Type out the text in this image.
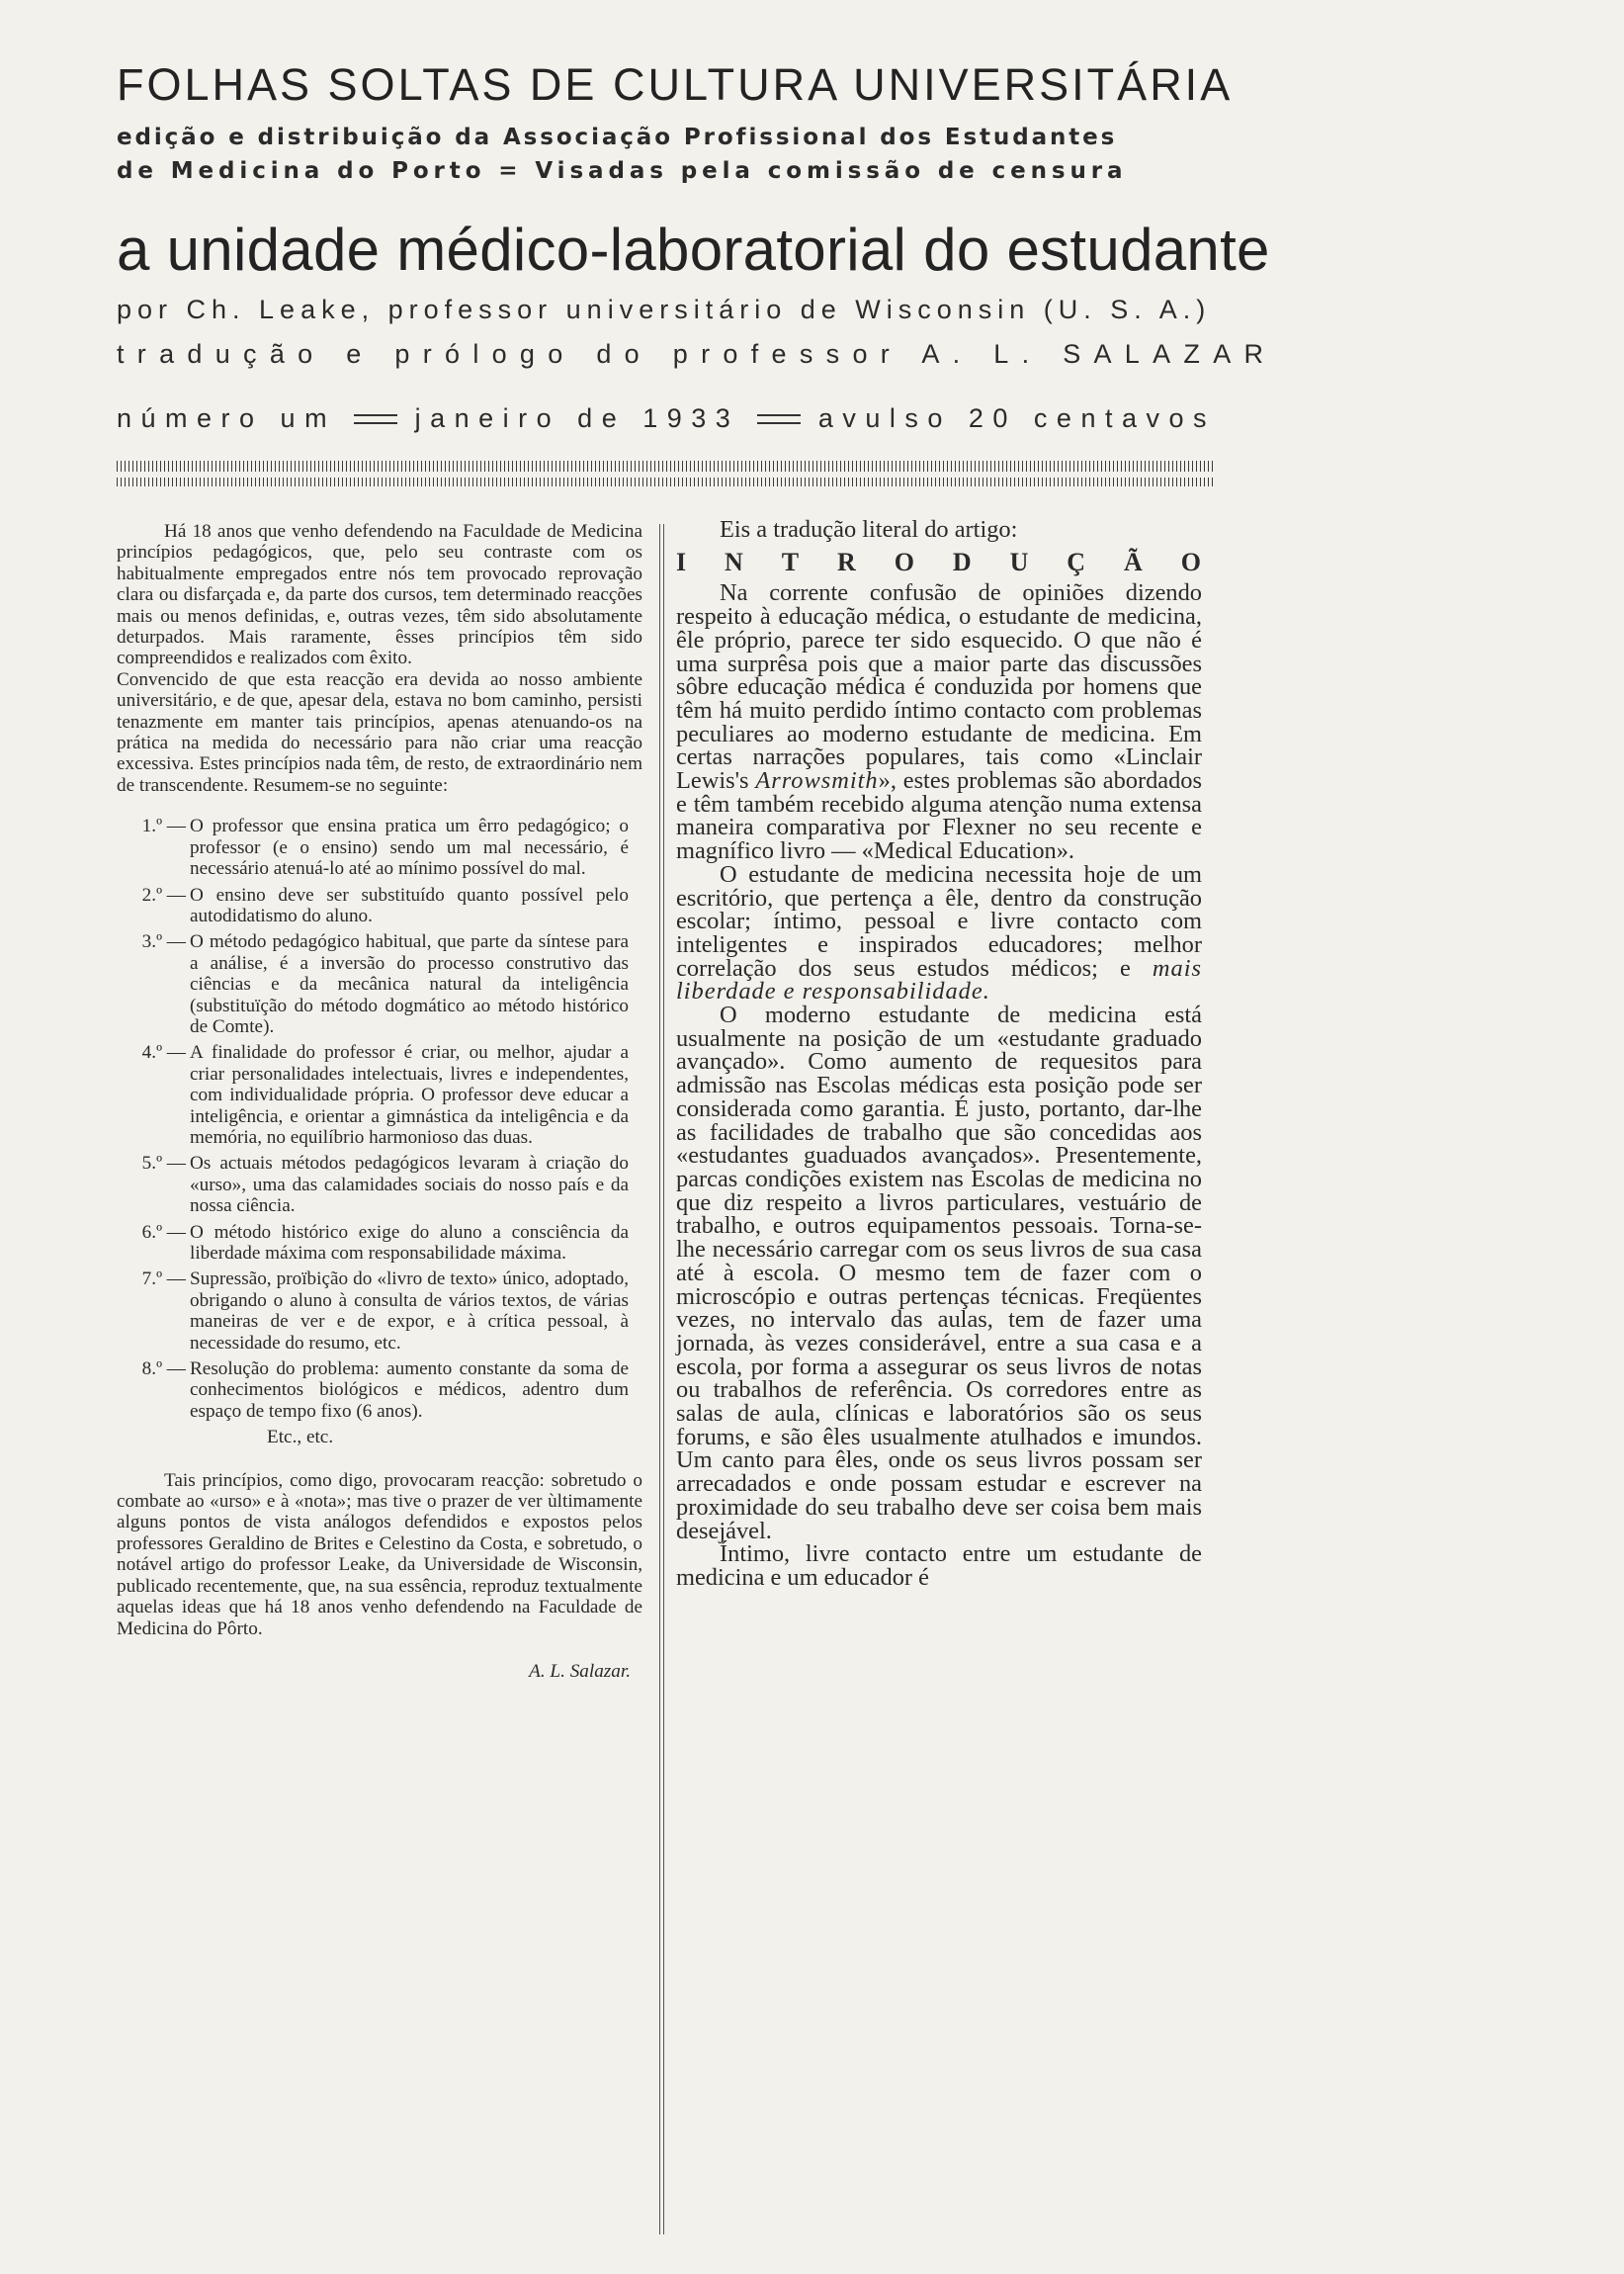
FOLHAS SOLTAS DE CULTURA UNIVERSITÁRIA
edição e distribuição da Associação Profissional dos Estudantes
de Medicina do Porto = Visadas pela comissão de censura
a unidade médico-laboratorial do estudante
por Ch. Leake, professor universitário de Wisconsin (U. S. A.)
tradução e prólogo do professor A. L. SALAZAR
número um	janeiro de 1933	avulso 20 centavos

Há 18 anos que venho defendendo na Faculdade de Medicina princípios pedagógicos, que, pelo seu contraste com os habitualmente empregados entre nós tem provocado reprovação clara ou disfarçada e, da parte dos cursos, tem determinado reacções mais ou menos definidas, e, outras vezes, têm sido absolutamente deturpados. Mais raramente, êsses princípios têm sido compreendidos e realizados com êxito.

Convencido de que esta reacção era devida ao nosso ambiente universitário, e de que, apesar dela, estava no bom caminho, persisti tenazmente em manter tais princípios, apenas atenuando-os na prática na medida do necessário para não criar uma reacção excessiva. Estes princípios nada têm, de resto, de extraordinário nem de transcendente. Resumem-se no seguinte:

1.º — O professor que ensina pratica um êrro pedagógico; o professor (e o ensino) sendo um mal necessário, é necessário atenuá-lo até ao mínimo possível do mal.
2.º — O ensino deve ser substituído quanto possível pelo autodidatismo do aluno.
3.º — O método pedagógico habitual, que parte da síntese para a análise, é a inversão do processo construtivo das ciências e da mecânica natural da inteligência (substituïção do método dogmático ao método histórico de Comte).
4.º — A finalidade do professor é criar, ou melhor, ajudar a criar personalidades intelectuais, livres e independentes, com individualidade própria. O professor deve educar a inteligência, e orientar a gimnástica da inteligência e da memória, no equilíbrio harmonioso das duas.
5.º — Os actuais métodos pedagógicos levaram à criação do «urso», uma das calamidades sociais do nosso país e da nossa ciência.
6.º — O método histórico exige do aluno a consciência da liberdade máxima com responsabilidade máxima.
7.º — Supressão, proïbição do «livro de texto» único, adoptado, obrigando o aluno à consulta de vários textos, de várias maneiras de ver e de expor, e à crítica pessoal, à necessidade do resumo, etc.
8.º — Resolução do problema: aumento constante da soma de conhecimentos biológicos e médicos, adentro dum espaço de tempo fixo (6 anos).
Etc., etc.

Tais princípios, como digo, provocaram reacção: sobretudo o combate ao «urso» e à «nota»; mas tive o prazer de ver ùltimamente alguns pontos de vista análogos defendidos e expostos pelos professores Geraldino de Brites e Celestino da Costa, e sobretudo, o notável artigo do professor Leake, da Universidade de Wisconsin, publicado recentemente, que, na sua essência, reproduz textualmente aquelas ideas que há 18 anos venho defendendo na Faculdade de Medicina do Pôrto.

A. L. Salazar.

Eis a tradução literal do artigo:

I N T R O D U Ç Ã O

Na corrente confusão de opiniões dizendo respeito à educação médica, o estudante de medicina, êle próprio, parece ter sido esquecido. O que não é uma surprêsa pois que a maior parte das discussões sôbre educação médica é conduzida por homens que têm há muito perdido íntimo contacto com problemas peculiares ao moderno estudante de medicina. Em certas narrações populares, tais como «Linclair Lewis's Arrowsmith», estes problemas são abordados e têm também recebido alguma atenção numa extensa maneira comparativa por Flexner no seu recente e magnífico livro — «Medical Education».

O estudante de medicina necessita hoje de um escritório, que pertença a êle, dentro da construção escolar; íntimo, pessoal e livre contacto com inteligentes e inspirados educadores; melhor correlação dos seus estudos médicos; e mais liberdade e responsabilidade.

O moderno estudante de medicina está usualmente na posição de um «estudante graduado avançado». Como aumento de requesitos para admissão nas Escolas médicas esta posição pode ser considerada como garantia. É justo, portanto, dar-lhe as facilidades de trabalho que são concedidas aos «estudantes guaduados avançados». Presentemente, parcas condições existem nas Escolas de medicina no que diz respeito a livros particulares, vestuário de trabalho, e outros equipamentos pessoais. Torna-se-lhe necessário carregar com os seus livros de sua casa até à escola. O mesmo tem de fazer com o microscópio e outras pertenças técnicas. Freqüentes vezes, no intervalo das aulas, tem de fazer uma jornada, às vezes considerável, entre a sua casa e a escola, por forma a assegurar os seus livros de notas ou trabalhos de referência. Os corredores entre as salas de aula, clínicas e laboratórios são os seus forums, e são êles usualmente atulhados e imundos. Um canto para êles, onde os seus livros possam ser arrecadados e onde possam estudar e escrever na proximidade do seu trabalho deve ser coisa bem mais desejável.

Íntimo, livre contacto entre um estudante de medicina e um educador é
